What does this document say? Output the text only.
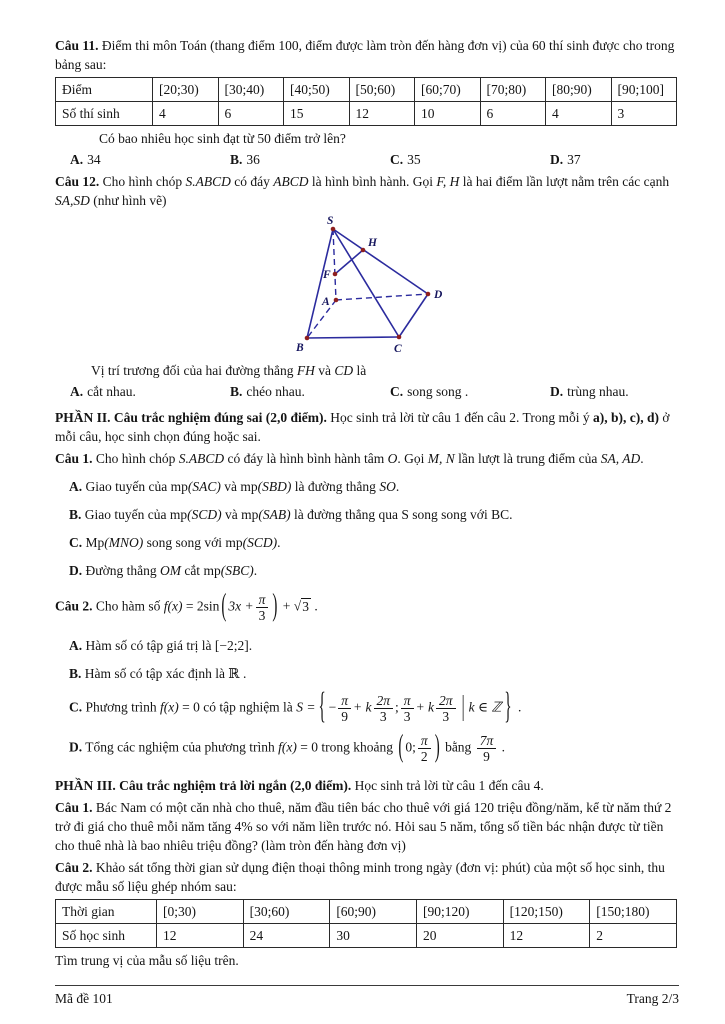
Câu 11. Điểm thi môn Toán (thang điểm 100, điểm được làm tròn đến hàng đơn vị) của 60 thí sinh được cho trong bảng sau:

Điểm	[20;30)	[30;40)	[40;50)	[50;60)	[60;70)	[70;80)	[80;90)	[90;100]
Số thí sinh	4	6	15	12	10	6	4	3

Có bao nhiêu học sinh đạt từ 50 điểm trở lên?

A. 34	B. 36	C. 35	D. 37

Câu 12. Cho hình chóp S.ABCD có đáy ABCD là hình bình hành. Gọi F, H là hai điểm lần lượt nằm trên các cạnh SA,SD (như hình vẽ)

S
H
F
A
D
B	C

Vị trí trương đối của hai đường thẳng FH và CD là

A. cắt nhau.	B. chéo nhau.	C. song song .	D. trùng nhau.

PHẦN II. Câu trắc nghiệm đúng sai (2,0 điểm). Học sinh trả lời từ câu 1 đến câu 2. Trong mỗi ý a), b), c), d) ở mỗi câu, học sinh chọn đúng hoặc sai.

Câu 1. Cho hình chóp S.ABCD có đáy là hình bình hành tâm O. Gọi M, N lần lượt là trung điểm của SA, AD.

A. Giao tuyến của mp(SAC) và mp(SBD) là đường thẳng SO.

B. Giao tuyến của mp(SCD) và mp(SAB) là đường thẳng qua S song song với BC.

C. Mp(MNO) song song với mp(SCD).

D. Đường thẳng OM cắt mp(SBC).

Câu 2. Cho hàm số f(x) = 2sin ( $3x + \frac{\pi}{3}$ ) + √3 .

A. Hàm số có tập giá trị là [−2;2].

B. Hàm số có tập xác định là ℝ .

C. Phương trình f(x) = 0 có tập nghiệm là S = { − $\frac{\pi}{9} + k \frac{2\pi}{3}$ ; $\frac{\pi}{3} + k \frac{2\pi}{3}$ | k ∈ ℤ } .

D. Tổng các nghiệm của phương trình f(x) = 0 trong khoảng ( 0; $\frac{\pi}{2}$ ) bằng $\frac{7\pi}{9}$ .

PHẦN III. Câu trắc nghiệm trả lời ngắn (2,0 điểm). Học sinh trả lời từ câu 1 đến câu 4.

Câu 1. Bác Nam có một căn nhà cho thuê, năm đầu tiên bác cho thuê với giá 120 triệu đồng/năm, kể từ năm thứ 2 trở đi giá cho thuê mỗi năm tăng 4% so với năm liền trước nó. Hỏi sau 5 năm, tổng số tiền bác nhận được từ tiền cho thuê nhà là bao nhiêu triệu đồng? (làm tròn đến hàng đơn vị)

Câu 2. Khảo sát tổng thời gian sử dụng điện thoại thông minh trong ngày (đơn vị: phút) của một số học sinh, thu được mẫu số liệu ghép nhóm sau:

Thời gian	[0;30)	[30;60)	[60;90)	[90;120)	[120;150)	[150;180)
Số học sinh	12	24	30	20	12	2

Tìm trung vị của mẫu số liệu trên.

Mã đề 101	Trang 2/3
